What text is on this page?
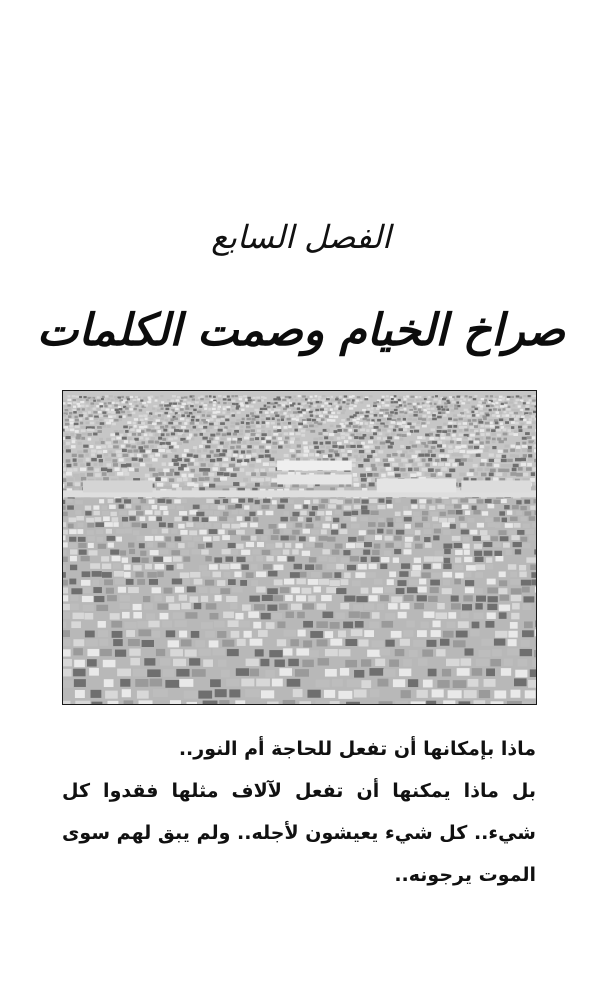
الفصل السابع
صراخ الخيام وصمت الكلمات

ماذا بإمكانها أن تفعل للحاجة أم النور..

بل ماذا يمكنها أن تفعل لآلاف مثلها فقدوا كل شيء.. كل شيء يعيشون لأجله.. ولم يبق لهم سوى الموت يرجونه..
